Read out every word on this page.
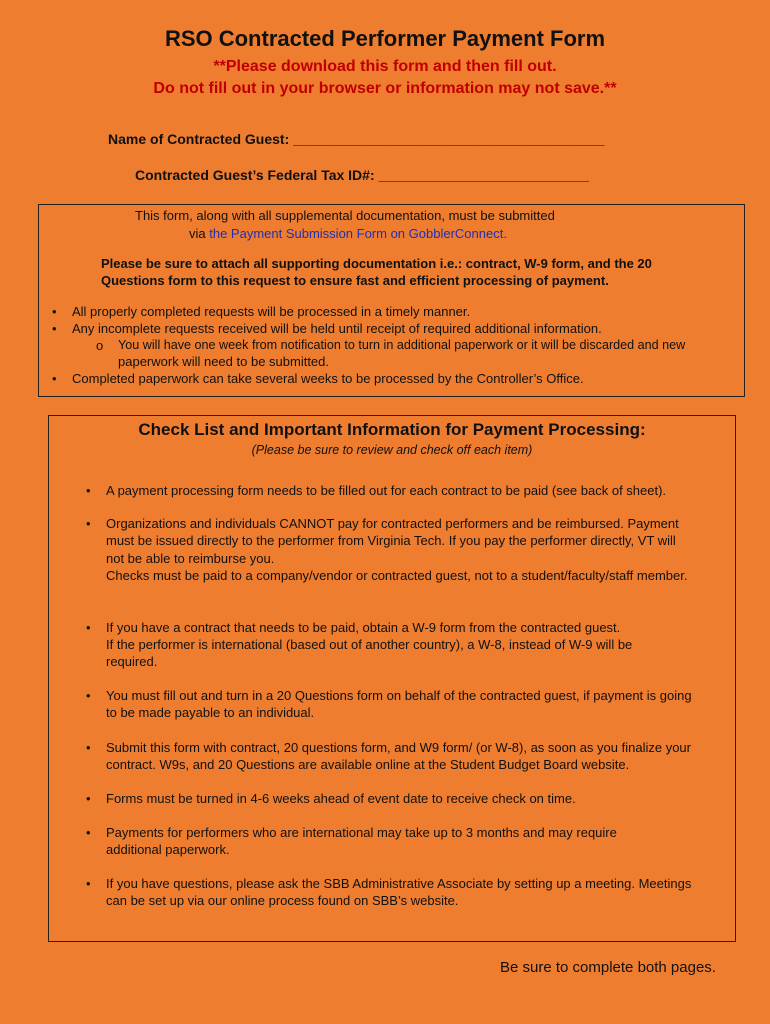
RSO Contracted Performer Payment Form
**Please download this form and then fill out.
Do not fill out in your browser or information may not save.**
Name of Contracted Guest: ________________________________________
Contracted Guest’s Federal Tax ID#: ___________________________
This form, along with all supplemental documentation, must be submitted
via the Payment Submission Form on GobblerConnect.
Please be sure to attach all supporting documentation i.e.: contract, W-9 form, and the 20
Questions form to this request to ensure fast and efficient processing of payment.
• All properly completed requests will be processed in a timely manner.
• Any incomplete requests received will be held until receipt of required additional information.
o You will have one week from notification to turn in additional paperwork or it will be discarded and new
paperwork will need to be submitted.
• Completed paperwork can take several weeks to be processed by the Controller’s Office.
Check List and Important Information for Payment Processing:
(Please be sure to review and check off each item)
• A payment processing form needs to be filled out for each contract to be paid (see back of sheet).
• Organizations and individuals CANNOT pay for contracted performers and be reimbursed. Payment must be issued directly to the performer from Virginia Tech. If you pay the performer directly, VT will not be able to reimburse you.
Checks must be paid to a company/vendor or contracted guest, not to a student/faculty/staff member.
• If you have a contract that needs to be paid, obtain a W-9 form from the contracted guest.
If the performer is international (based out of another country), a W-8, instead of W-9 will be required.
• You must fill out and turn in a 20 Questions form on behalf of the contracted guest, if payment is going to be made payable to an individual.
• Submit this form with contract, 20 questions form, and W9 form/ (or W-8), as soon as you finalize your contract. W9s, and 20 Questions are available online at the Student Budget Board website.
• Forms must be turned in 4-6 weeks ahead of event date to receive check on time.
• Payments for performers who are international may take up to 3 months and may require additional paperwork.
• If you have questions, please ask the SBB Administrative Associate by setting up a meeting. Meetings can be set up via our online process found on SBB’s website.
Be sure to complete both pages.
